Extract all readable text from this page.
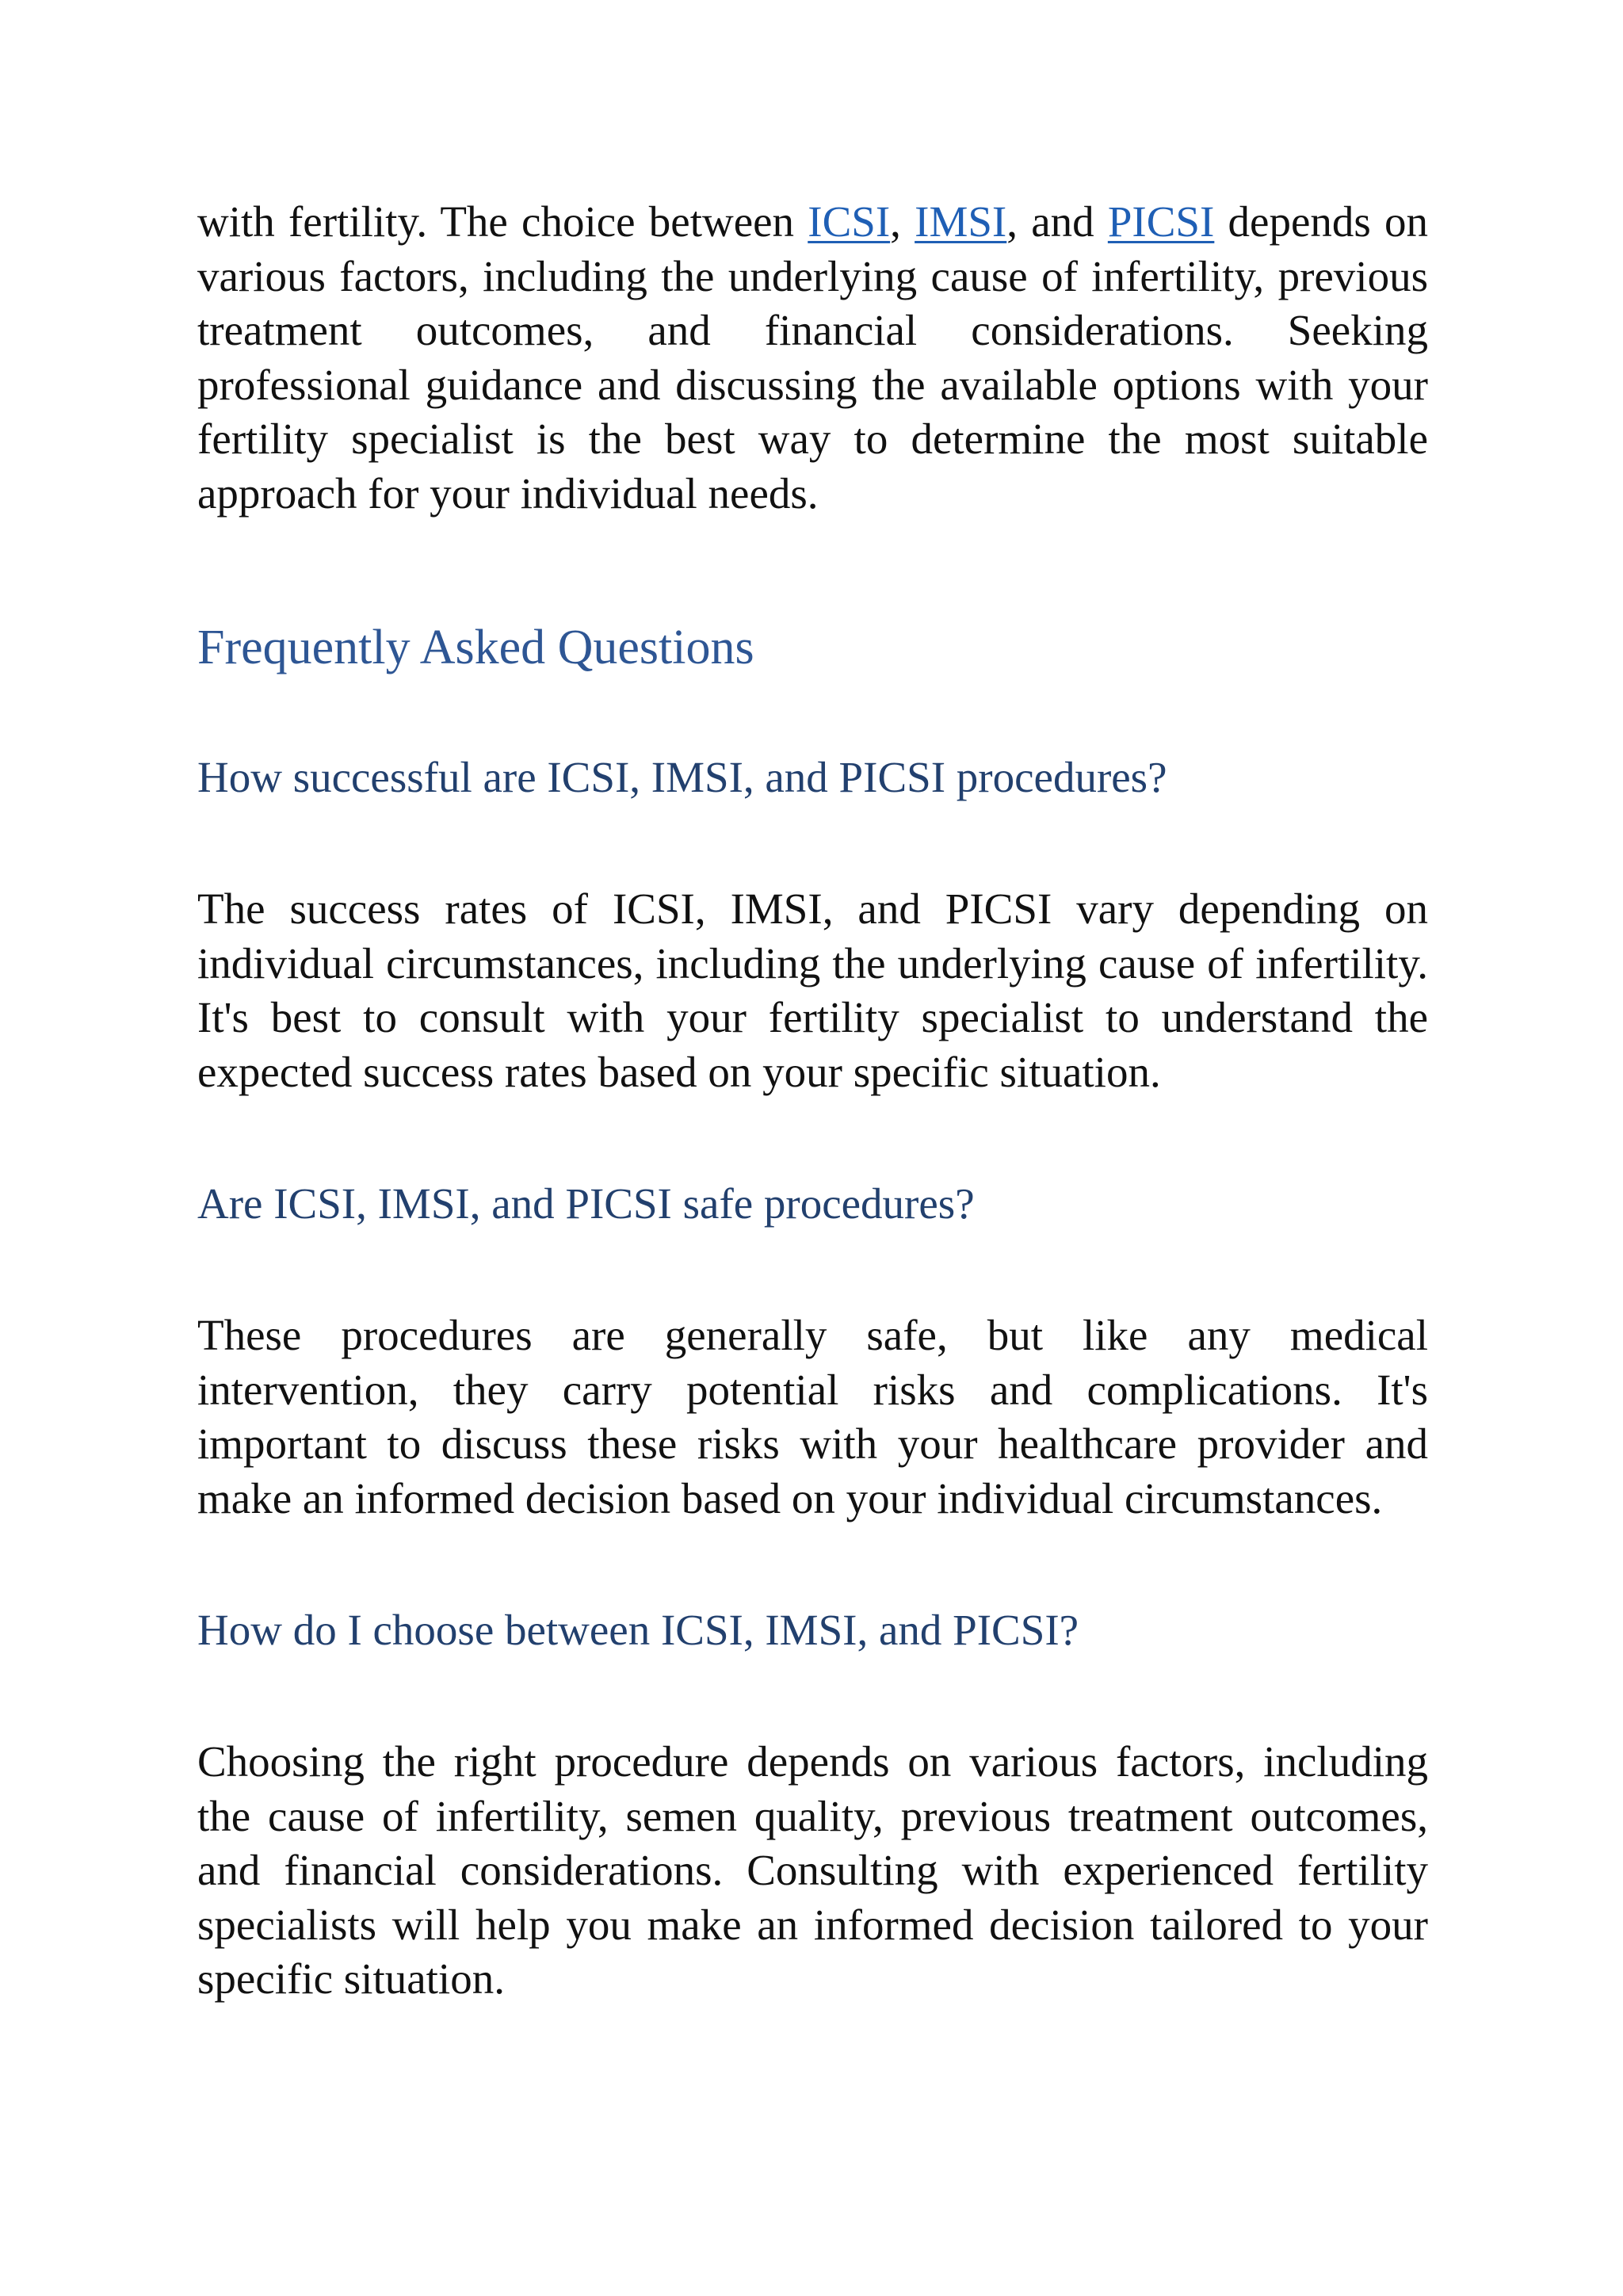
with fertility. The choice between ICSI, IMSI, and PICSI depends on various factors, including the underlying cause of infertility, previous treatment outcomes, and financial considerations. Seeking professional guidance and discussing the available options with your fertility specialist is the best way to determine the most suitable approach for your individual needs.

Frequently Asked Questions
How successful are ICSI, IMSI, and PICSI procedures?

The success rates of ICSI, IMSI, and PICSI vary depending on individual circumstances, including the underlying cause of infertility. It's best to consult with your fertility specialist to understand the expected success rates based on your specific situation.

Are ICSI, IMSI, and PICSI safe procedures?

These procedures are generally safe, but like any medical intervention, they carry potential risks and complications. It's important to discuss these risks with your healthcare provider and make an informed decision based on your individual circumstances.

How do I choose between ICSI, IMSI, and PICSI?

Choosing the right procedure depends on various factors, including the cause of infertility, semen quality, previous treatment outcomes, and financial considerations. Consulting with experienced fertility specialists will help you make an informed decision tailored to your specific situation.
